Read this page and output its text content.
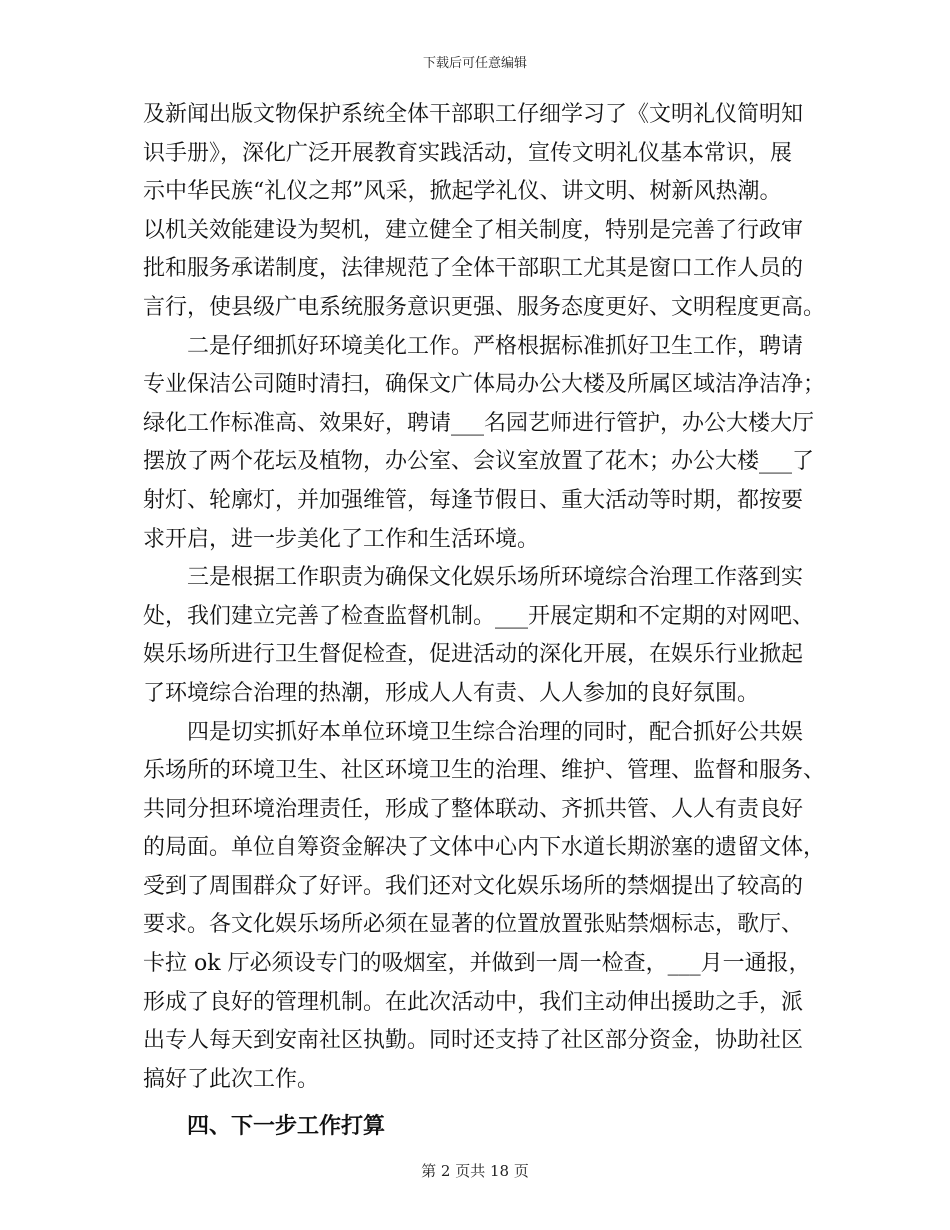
下载后可任意编辑
及新闻出版文物保护系统全体干部职工仔细学习了《文明礼仪简明知
识手册》，深化广泛开展教育实践活动，宣传文明礼仪基本常识，展
示中华民族“礼仪之邦”风采，掀起学礼仪、讲文明、树新风热潮。
以机关效能建设为契机，建立健全了相关制度，特别是完善了行政审
批和服务承诺制度，法律规范了全体干部职工尤其是窗口工作人员的
言行，使县级广电系统服务意识更强、服务态度更好、文明程度更高。
二是仔细抓好环境美化工作。严格根据标准抓好卫生工作，聘请
专业保洁公司随时清扫，确保文广体局办公大楼及所属区域洁净洁净；
绿化工作标准高、效果好，聘请___名园艺师进行管护，办公大楼大厅
摆放了两个花坛及植物，办公室、会议室放置了花木；办公大楼___了
射灯、轮廓灯，并加强维管，每逢节假日、重大活动等时期，都按要
求开启，进一步美化了工作和生活环境。
三是根据工作职责为确保文化娱乐场所环境综合治理工作落到实
处，我们建立完善了检查监督机制。___开展定期和不定期的对网吧、
娱乐场所进行卫生督促检查，促进活动的深化开展，在娱乐行业掀起
了环境综合治理的热潮，形成人人有责、人人参加的良好氛围。
四是切实抓好本单位环境卫生综合治理的同时，配合抓好公共娱
乐场所的环境卫生、社区环境卫生的治理、维护、管理、监督和服务、
共同分担环境治理责任，形成了整体联动、齐抓共管、人人有责良好
的局面。单位自筹资金解决了文体中心内下水道长期淤塞的遗留文体，
受到了周围群众了好评。我们还对文化娱乐场所的禁烟提出了较高的
要求。各文化娱乐场所必须在显著的位置放置张贴禁烟标志，歌厅、
卡拉 ok 厅必须设专门的吸烟室，并做到一周一检查，___月一通报，
形成了良好的管理机制。在此次活动中，我们主动伸出援助之手，派
出专人每天到安南社区执勤。同时还支持了社区部分资金，协助社区
搞好了此次工作。
四、下一步工作打算
第 2 页共 18 页
